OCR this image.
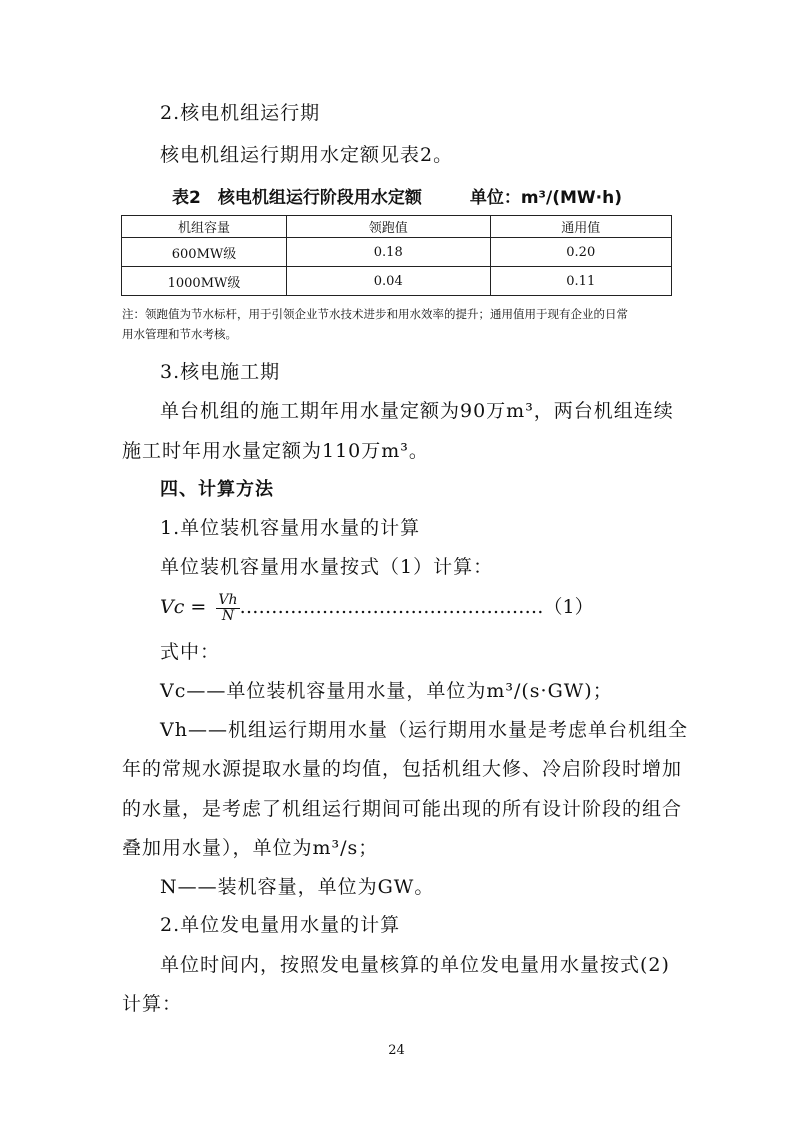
2.核电机组运行期
核电机组运行期用水定额见表2。
表2　核电机组运行阶段用水定额	单位：m³/(MW·h)
机组容量	领跑值	通用值
600MW级	0.18	0.20
1000MW级	0.04	0.11
注：领跑值为节水标杆，用于引领企业节水技术进步和用水效率的提升；通用值用于现有企业的日常
用水管理和节水考核。
3.核电施工期
单台机组的施工期年用水量定额为90万m³，两台机组连续
施工时年用水量定额为110万m³。
四、计算方法
1.单位装机容量用水量的计算
单位装机容量用水量按式（1）计算：
$Vc = \frac{Vh}{N}$ …………………………………………（1）
式中：
Vc——单位装机容量用水量，单位为m³/(s·GW)；
Vh——机组运行期用水量（运行期用水量是考虑单台机组全
年的常规水源提取水量的均值，包括机组大修、冷启阶段时增加
的水量，是考虑了机组运行期间可能出现的所有设计阶段的组合
叠加用水量），单位为m³/s；
N——装机容量，单位为GW。
2.单位发电量用水量的计算
单位时间内，按照发电量核算的单位发电量用水量按式(2)
计算：
24
